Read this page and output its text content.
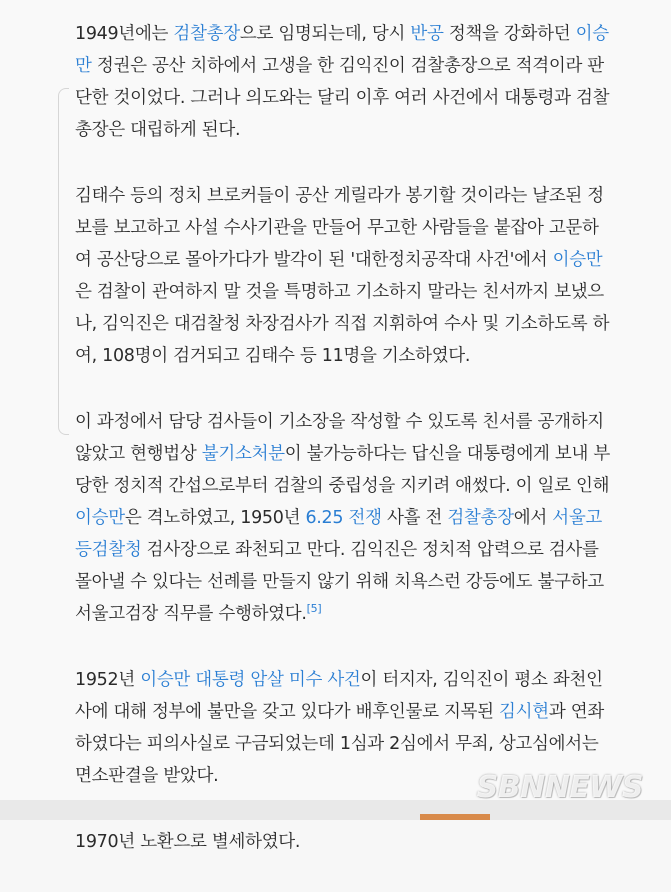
1949년에는 검찰총장으로 임명되는데, 당시 반공 정책을 강화하던 이승만 정권은 공산 치하에서 고생을 한 김익진이 검찰총장으로 적격이라 판단한 것이었다. 그러나 의도와는 달리 이후 여러 사건에서 대통령과 검찰총장은 대립하게 된다.

김태수 등의 정치 브로커들이 공산 게릴라가 봉기할 것이라는 날조된 정보를 보고하고 사설 수사기관을 만들어 무고한 사람들을 붙잡아 고문하여 공산당으로 몰아가다가 발각이 된 '대한정치공작대 사건'에서 이승만은 검찰이 관여하지 말 것을 특명하고 기소하지 말라는 친서까지 보냈으나, 김익진은 대검찰청 차장검사가 직접 지휘하여 수사 및 기소하도록 하여, 108명이 검거되고 김태수 등 11명을 기소하였다.

이 과정에서 담당 검사들이 기소장을 작성할 수 있도록 친서를 공개하지 않았고 현행법상 불기소처분이 불가능하다는 답신을 대통령에게 보내 부당한 정치적 간섭으로부터 검찰의 중립성을 지키려 애썼다. 이 일로 인해 이승만은 격노하였고, 1950년 6.25 전쟁 사흘 전 검찰총장에서 서울고등검찰청 검사장으로 좌천되고 만다. 김익진은 정치적 압력으로 검사를 몰아낼 수 있다는 선례를 만들지 않기 위해 치욕스런 강등에도 불구하고 서울고검장 직무를 수행하였다.[5]

1952년 이승만 대통령 암살 미수 사건이 터지자, 김익진이 평소 좌천인사에 대해 정부에 불만을 갖고 있다가 배후인물로 지목된 김시현과 연좌하였다는 피의사실로 구금되었는데 1심과 2심에서 무죄, 상고심에서는 면소판결을 받았다.

1970년 노환으로 별세하였다.

SBNNEWS
